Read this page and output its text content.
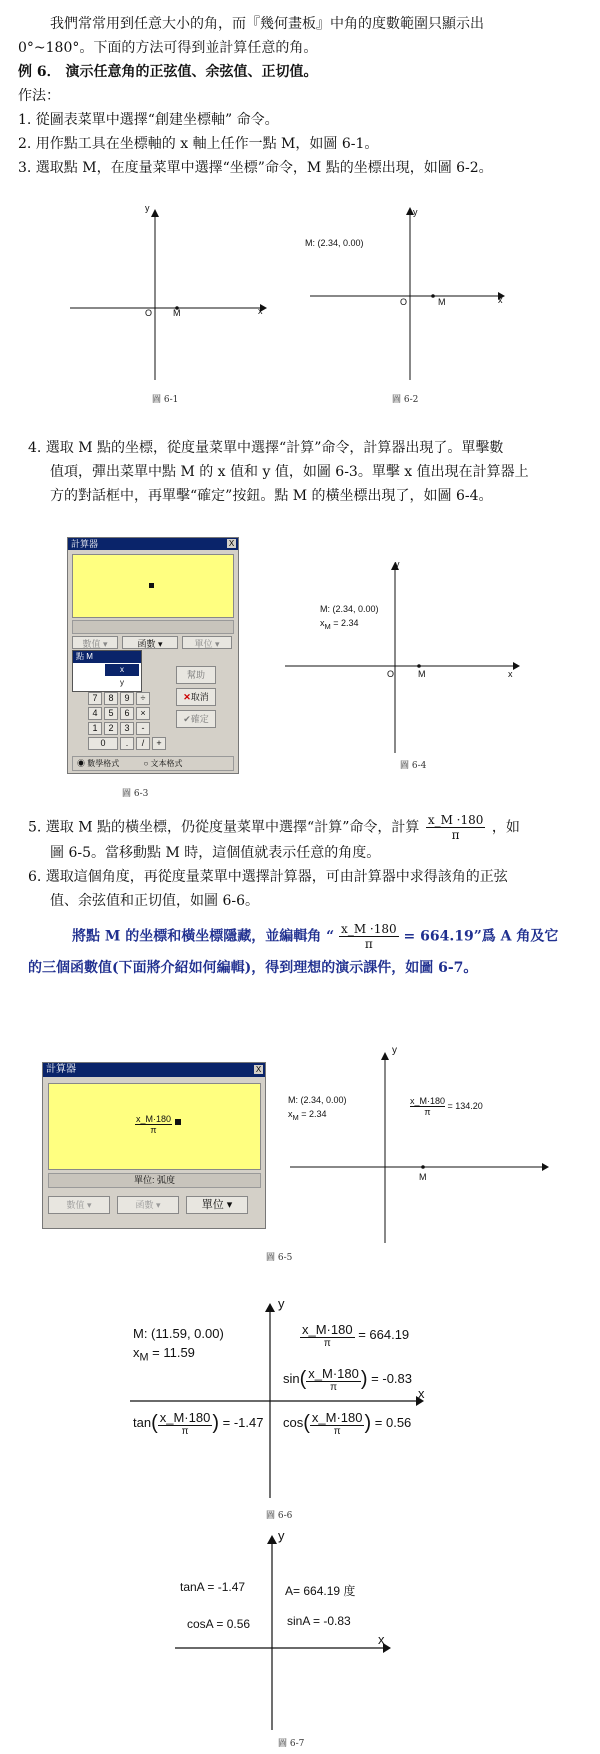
我們常常用到任意大小的角，而『幾何畫板』中角的度數範圍只顯示出
0°~180°。下面的方法可得到並計算任意的角。
例 6． 演示任意角的正弦值、余弦值、正切值。
作法：
1. 從圖表菜單中選擇“創建坐標軸” 命令。
2. 用作點工具在坐標軸的 x 軸上任作一點 M，如圖 6-1。
3. 選取點 M，在度量菜單中選擇“坐標”命令，M 點的坐標出現，如圖 6-2。
y
x
O M
圖 6-1
M: (2.34, 0.00)
y
x
O	M
圖 6-2
4. 選取 M 點的坐標，從度量菜單中選擇“計算”命令，計算器出現了。單擊數
值項，彈出菜單中點 M 的 x 值和 y 值，如圖 6-3。單擊 x 值出現在計算器上
方的對話框中，再單擊“確定”按鈕。點 M 的橫坐標出現了，如圖 6-4。
計算器	X
數值 ▾	函數 ▾	單位 ▾
點 M
x
y
7	8	9	÷
4	5	6	×
1	2	3	-
0	.	/	+
幫助
✕取消
✔確定
◉ 數學格式	○ 文本格式
圖 6-3
M: (2.34, 0.00)
$x_M = 2.34$
y
x
O	M
圖 6-4
5. 選取 M 點的橫坐標，仍從度量菜單中選擇“計算”命令，計算 $\frac{x\_M \cdot 180}{\pi}$ ，如
圖 6-5。當移動點 M 時，這個值就表示任意的角度。
6. 選取這個角度，再從度量菜單中選擇計算器，可由計算器中求得該角的正弦
值、余弦值和正切值，如圖 6-6。
將點 M 的坐標和橫坐標隱藏，並編輯角 “ $\frac{x\_M \cdot 180}{\pi} = 664.19$”爲 A 角及它
的三個函數值(下面將介紹如何編輯)，得到理想的演示課件，如圖 6-7。
計算器	X
x_M·180
π
單位: 弧度
數值 ▾	函數 ▾	單位 ▾
M: (2.34, 0.00)
$x_M = 2.34$
y
M
$\frac{x\_M\cdot 180}{\pi} = 134.20$
圖 6-5
y
x
M: (11.59, 0.00)
$x_M = 11.59$
x_M·180
π
= 664.19
sin( x_M·180
π	) = -0.83
tan( x_M·180
π	) = -1.47 cos( x_M·180
π	) = 0.56
圖 6-6
y
x
tanA = -1.47	A= 664.19 度
cosA = 0.56	sinA = -0.83
圖 6-7
